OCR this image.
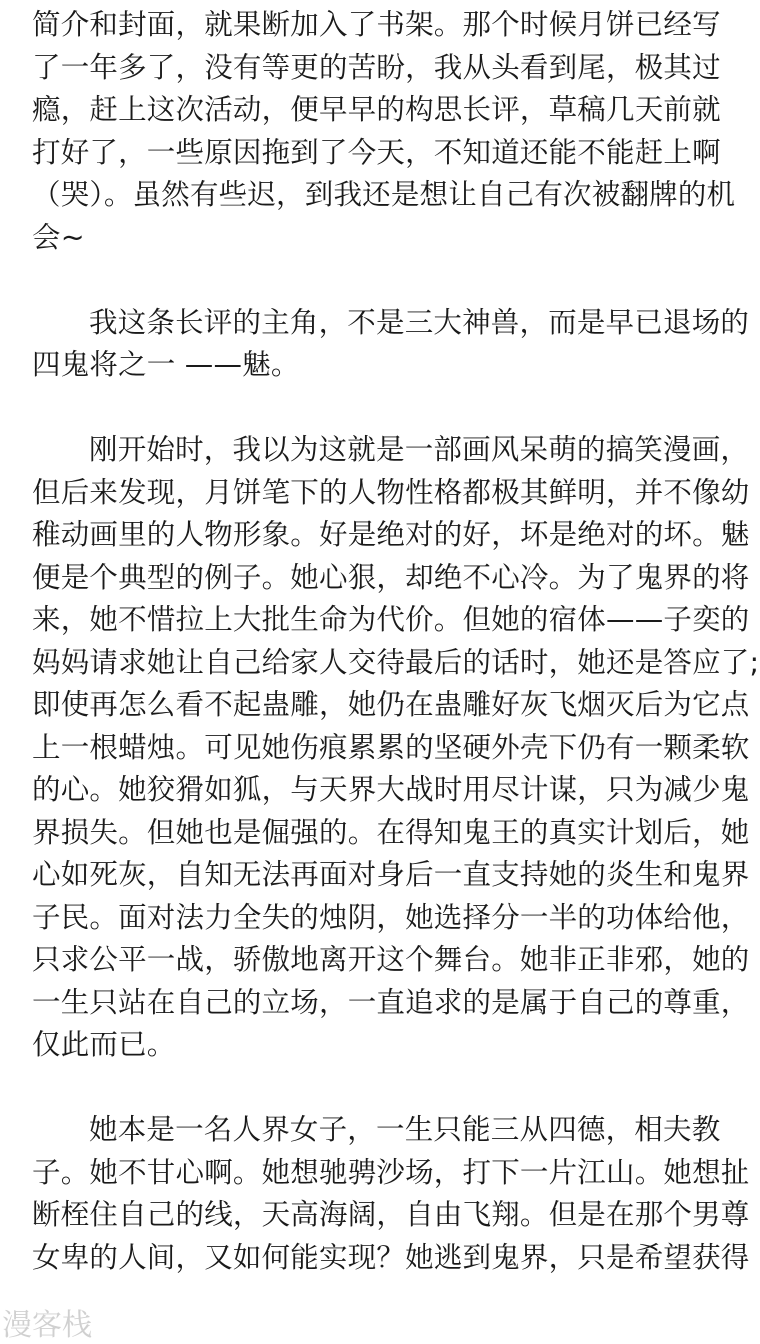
简介和封面，就果断加入了书架。那个时候月饼已经写
了一年多了，没有等更的苦盼，我从头看到尾，极其过
瘾，赶上这次活动，便早早的构思长评，草稿几天前就
打好了，一些原因拖到了今天，不知道还能不能赶上啊
（哭）。虽然有些迟，到我还是想让自己有次被翻牌的机
会~
我这条长评的主角，不是三大神兽，而是早已退场的
四鬼将之一 ——魅。
刚开始时，我以为这就是一部画风呆萌的搞笑漫画，
但后来发现，月饼笔下的人物性格都极其鲜明，并不像幼
稚动画里的人物形象。好是绝对的好，坏是绝对的坏。魅
便是个典型的例子。她心狠，却绝不心冷。为了鬼界的将
来，她不惜拉上大批生命为代价。但她的宿体——子奕的
妈妈请求她让自己给家人交待最后的话时，她还是答应了;
即使再怎么看不起蛊雕，她仍在蛊雕好灰飞烟灭后为它点
上一根蜡烛。可见她伤痕累累的坚硬外壳下仍有一颗柔软
的心。她狡猾如狐，与天界大战时用尽计谋，只为减少鬼
界损失。但她也是倔强的。在得知鬼王的真实计划后，她
心如死灰，自知无法再面对身后一直支持她的炎生和鬼界
子民。面对法力全失的烛阴，她选择分一半的功体给他，
只求公平一战，骄傲地离开这个舞台。她非正非邪，她的
一生只站在自己的立场，一直追求的是属于自己的尊重，
仅此而已。
她本是一名人界女子，一生只能三从四德，相夫教
子。她不甘心啊。她想驰骋沙场，打下一片江山。她想扯
断桎住自己的线，天高海阔，自由飞翔。但是在那个男尊
女卑的人间，又如何能实现？她逃到鬼界，只是希望获得
漫客栈
